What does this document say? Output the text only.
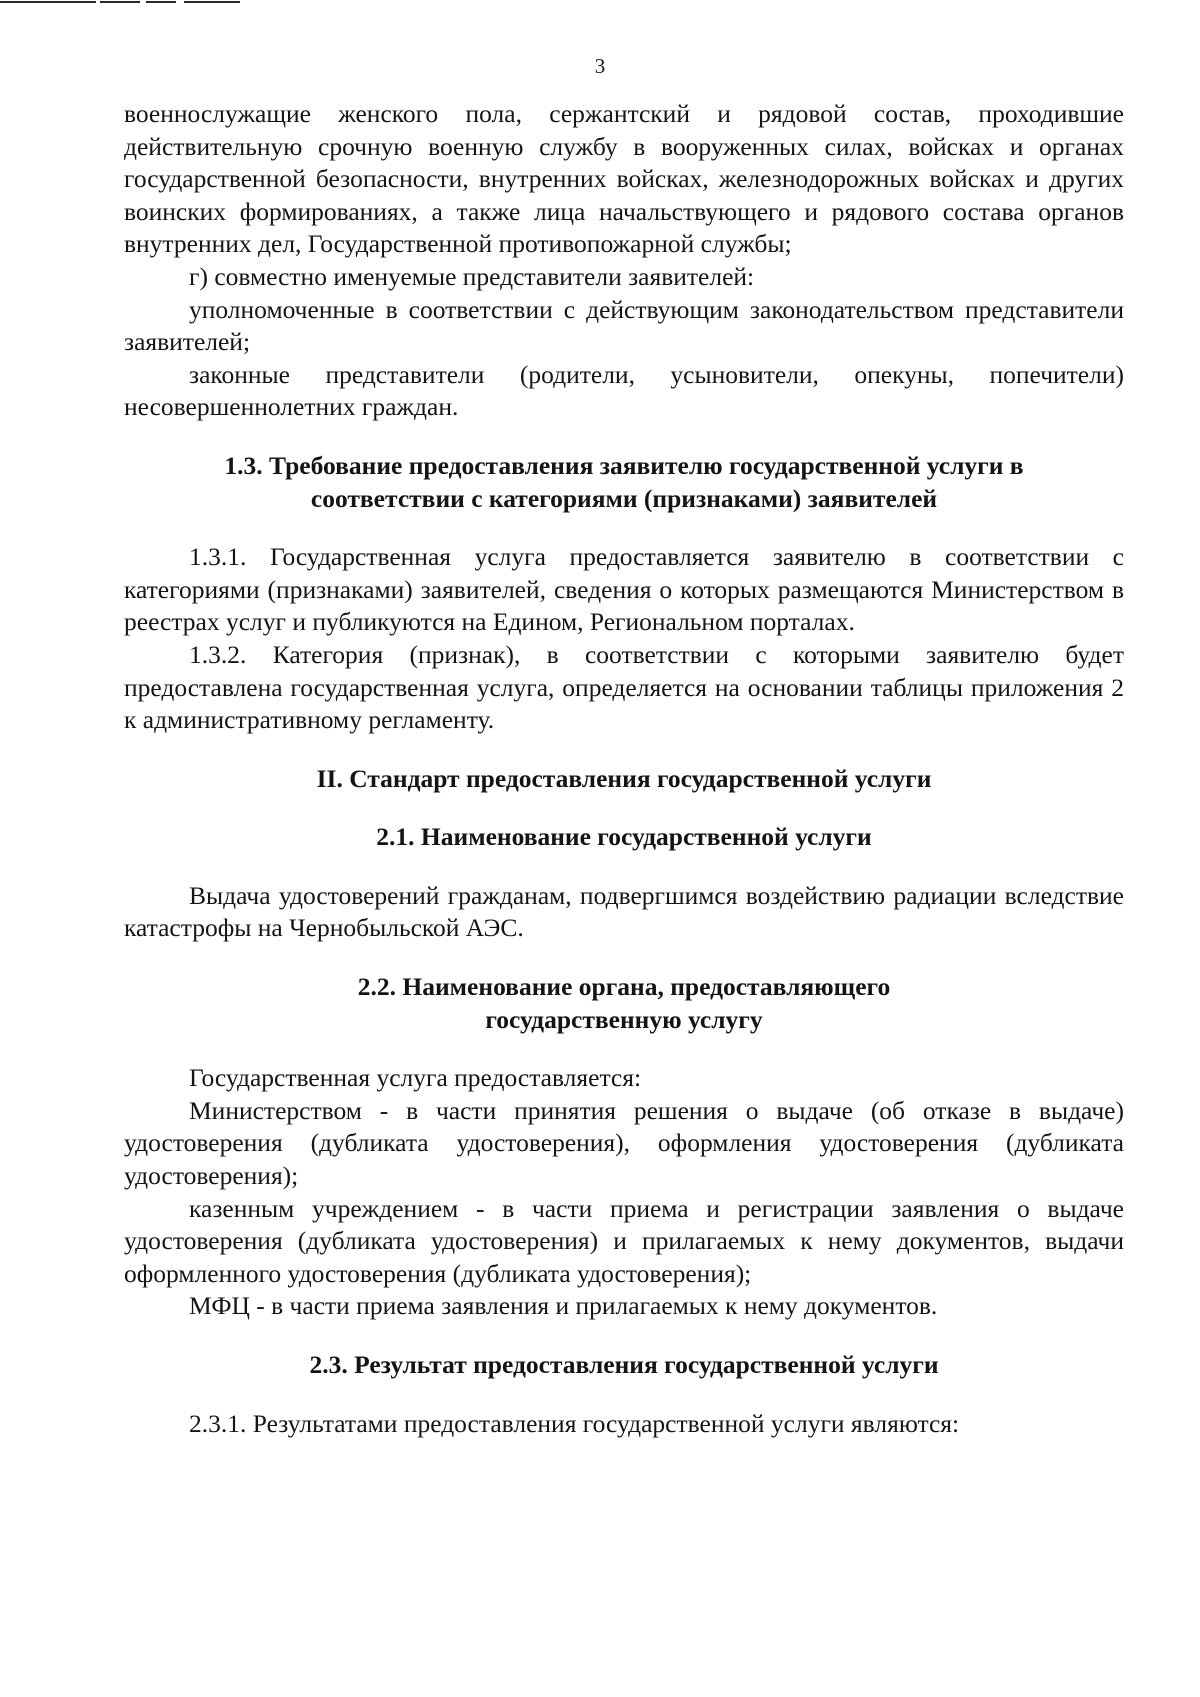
3

военнослужащие женского пола, сержантский и рядовой состав, проходившие действительную срочную военную службу в вооруженных силах, войсках и органах государственной безопасности, внутренних войсках, железнодорожных войсках и других воинских формированиях, а также лица начальствующего и рядового состава органов внутренних дел, Государственной противопожарной службы;

г) совместно именуемые представители заявителей:

уполномоченные в соответствии с действующим законодательством представители заявителей;

законные представители (родители, усыновители, опекуны, попечители) несовершеннолетних граждан.

1.3. Требование предоставления заявителю государственной услуги в

соответствии с категориями (признаками) заявителей

1.3.1. Государственная услуга предоставляется заявителю в соответствии с категориями (признаками) заявителей, сведения о которых размещаются Министерством в реестрах услуг и публикуются на Едином, Региональном порталах.

1.3.2. Категория (признак), в соответствии с которыми заявителю будет предоставлена государственная услуга, определяется на основании таблицы приложения 2 к административному регламенту.

II. Стандарт предоставления государственной услуги

2.1. Наименование государственной услуги

Выдача удостоверений гражданам, подвергшимся воздействию радиации вследствие катастрофы на Чернобыльской АЭС.

2.2. Наименование органа, предоставляющего

государственную услугу

Государственная услуга предоставляется:

Министерством - в части принятия решения о выдаче (об отказе в выдаче) удостоверения (дубликата удостоверения), оформления удостоверения (дубликата удостоверения);

казенным учреждением - в части приема и регистрации заявления о выдаче удостоверения (дубликата удостоверения) и прилагаемых к нему документов, выдачи оформленного удостоверения (дубликата удостоверения);

МФЦ - в части приема заявления и прилагаемых к нему документов.

2.3. Результат предоставления государственной услуги

2.3.1. Результатами предоставления государственной услуги являются:
